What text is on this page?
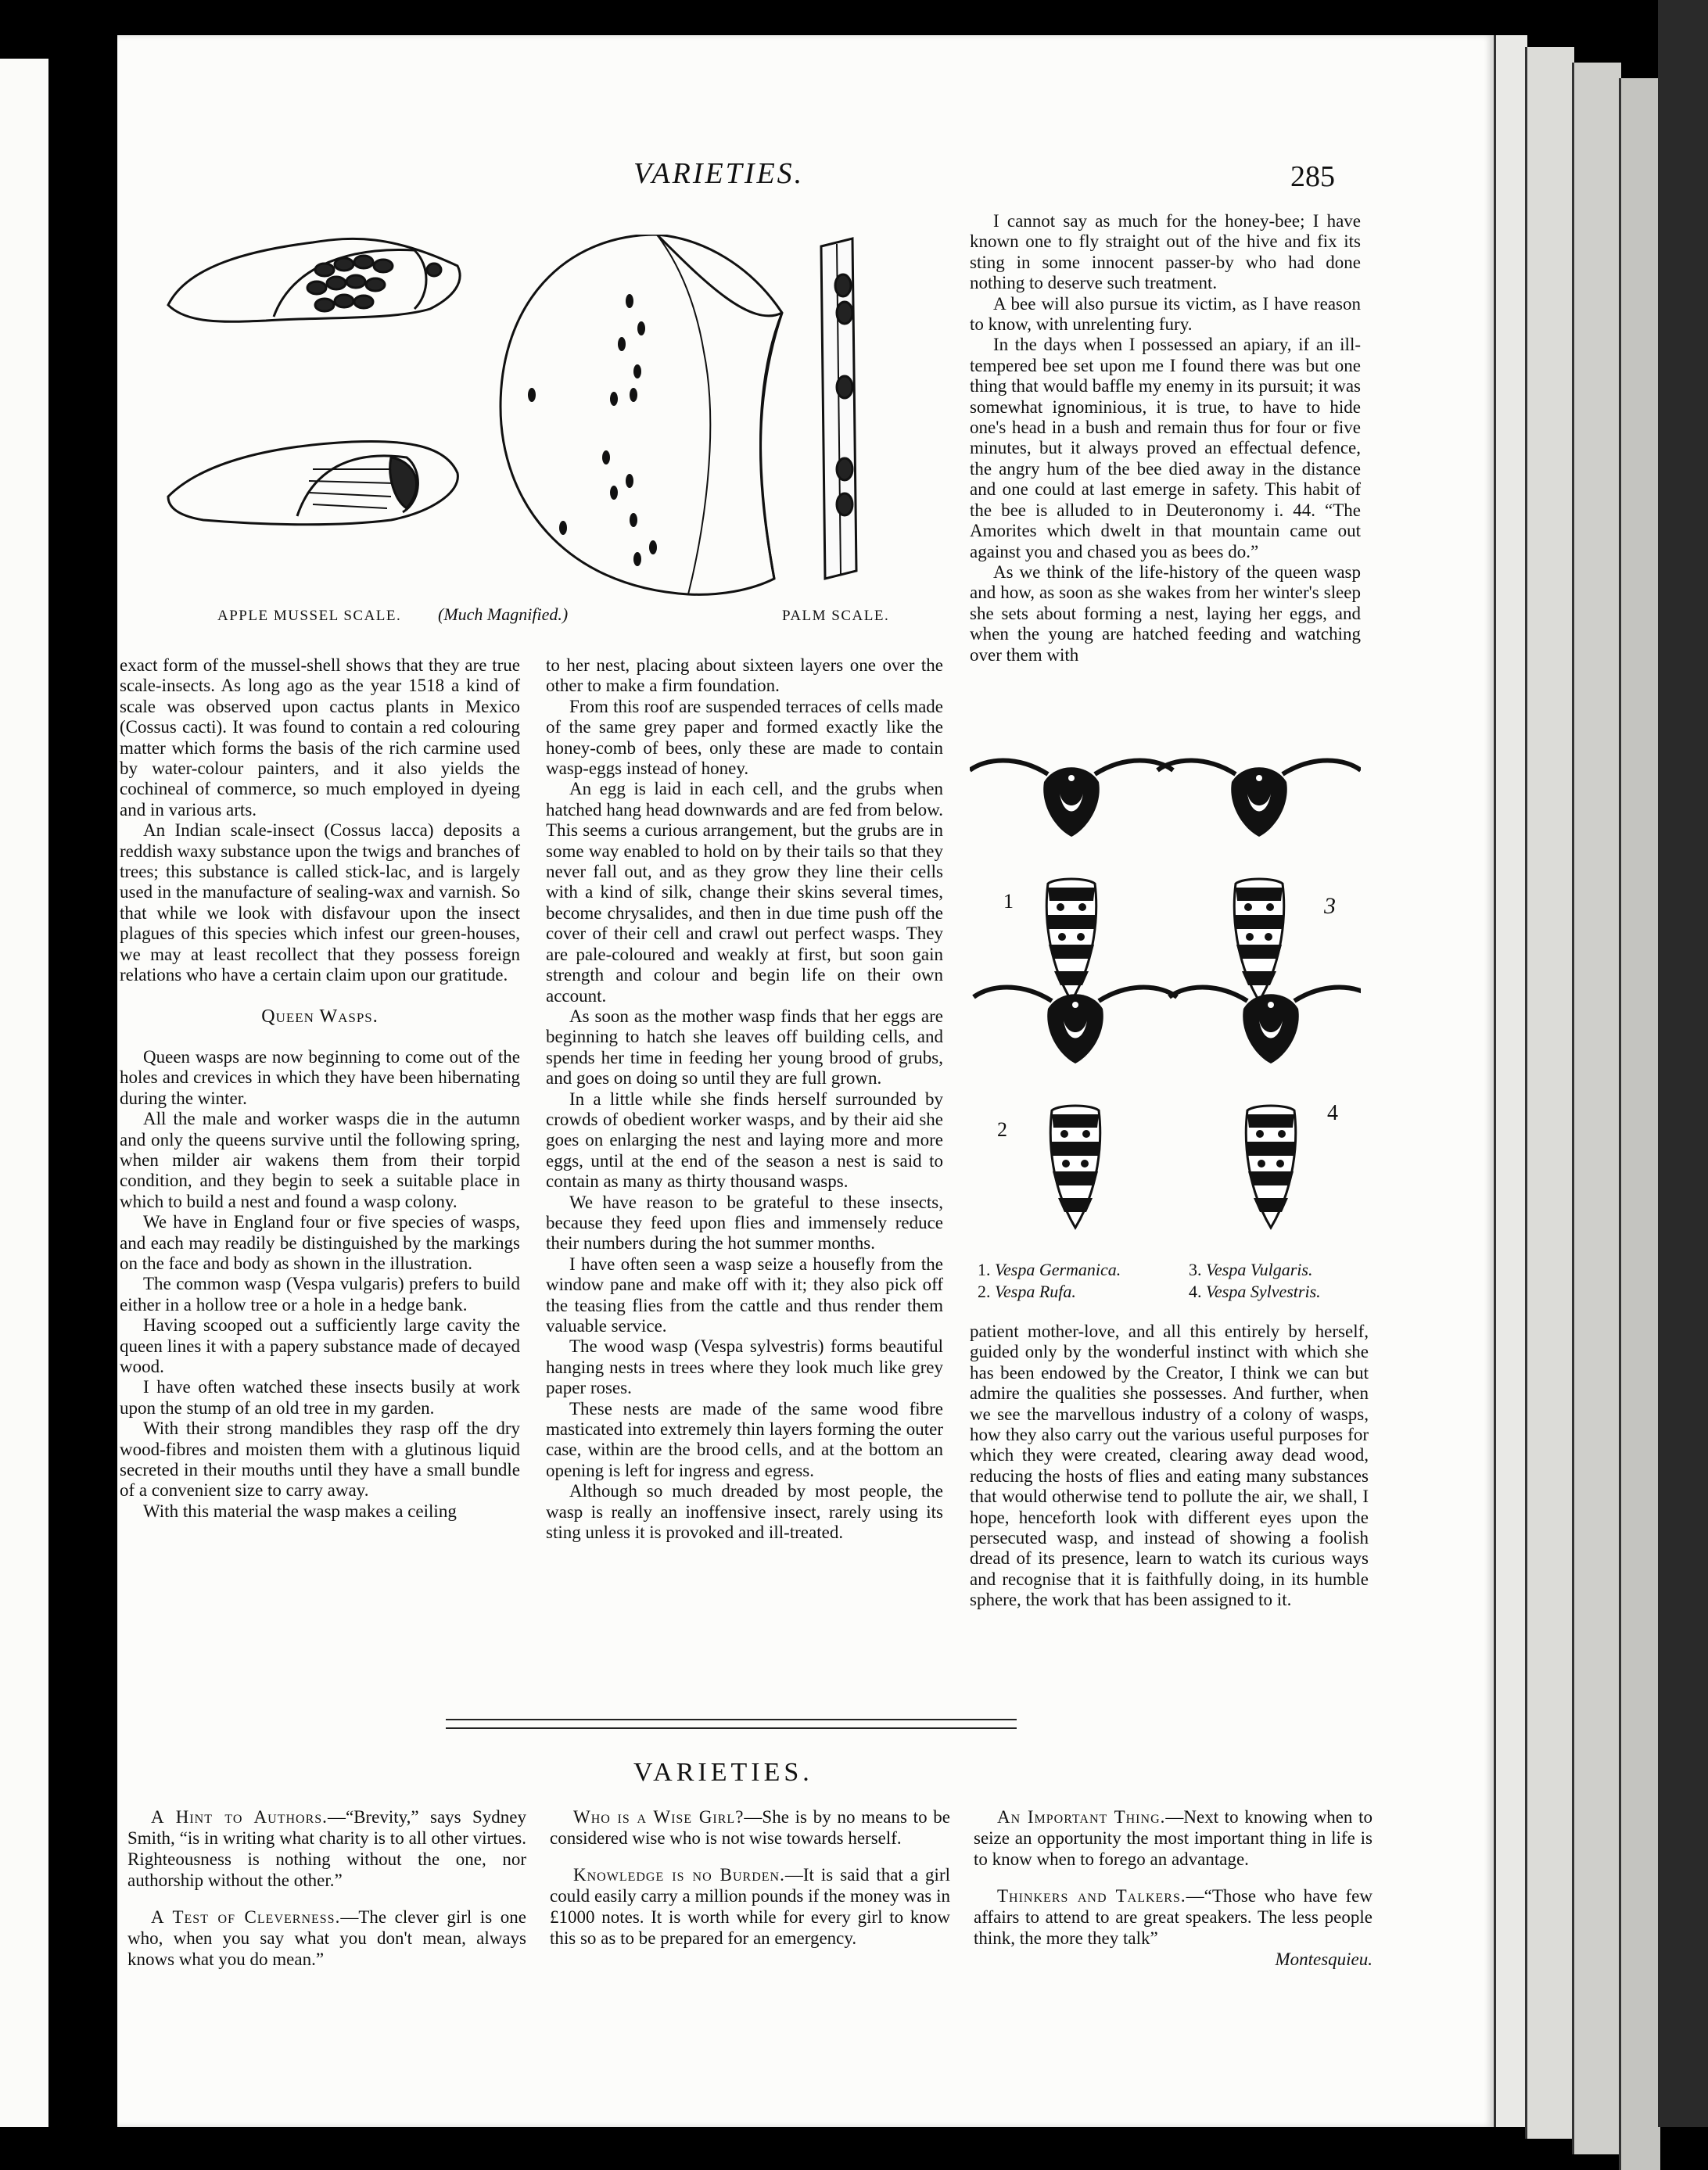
VARIETIES.	285
APPLE MUSSEL SCALE. (Much Magnified.)	PALM SCALE.

exact form of the mussel-shell shows that they are true scale-insects. As long ago as the year 1518 a kind of scale was observed upon cactus plants in Mexico (Cossus cacti). It was found to contain a red colouring matter which forms the basis of the rich carmine used by water-colour painters, and it also yields the cochineal of commerce, so much employed in dyeing and in various arts.

An Indian scale-insect (Cossus lacca) deposits a reddish waxy substance upon the twigs and branches of trees; this substance is called stick-lac, and is largely used in the manufacture of sealing-wax and varnish. So that while we look with disfavour upon the insect plagues of this species which infest our green-houses, we may at least recollect that they possess foreign relations who have a certain claim upon our gratitude.

Queen Wasps.

Queen wasps are now beginning to come out of the holes and crevices in which they have been hibernating during the winter.

All the male and worker wasps die in the autumn and only the queens survive until the following spring, when milder air wakens them from their torpid condition, and they begin to seek a suitable place in which to build a nest and found a wasp colony.

We have in England four or five species of wasps, and each may readily be distinguished by the markings on the face and body as shown in the illustration.

The common wasp (Vespa vulgaris) prefers to build either in a hollow tree or a hole in a hedge bank.

Having scooped out a sufficiently large cavity the queen lines it with a papery substance made of decayed wood.

I have often watched these insects busily at work upon the stump of an old tree in my garden.

With their strong mandibles they rasp off the dry wood-fibres and moisten them with a glutinous liquid secreted in their mouths until they have a small bundle of a convenient size to carry away.

With this material the wasp makes a ceiling

to her nest, placing about sixteen layers one over the other to make a firm foundation.

From this roof are suspended terraces of cells made of the same grey paper and formed exactly like the honey-comb of bees, only these are made to contain wasp-eggs instead of honey.

An egg is laid in each cell, and the grubs when hatched hang head downwards and are fed from below. This seems a curious arrangement, but the grubs are in some way enabled to hold on by their tails so that they never fall out, and as they grow they line their cells with a kind of silk, change their skins several times, become chrysalides, and then in due time push off the cover of their cell and crawl out perfect wasps. They are pale-coloured and weakly at first, but soon gain strength and colour and begin life on their own account.

As soon as the mother wasp finds that her eggs are beginning to hatch she leaves off building cells, and spends her time in feeding her young brood of grubs, and goes on doing so until they are full grown.

In a little while she finds herself surrounded by crowds of obedient worker wasps, and by their aid she goes on enlarging the nest and laying more and more eggs, until at the end of the season a nest is said to contain as many as thirty thousand wasps.

We have reason to be grateful to these insects, because they feed upon flies and immensely reduce their numbers during the hot summer months.

I have often seen a wasp seize a housefly from the window pane and make off with it; they also pick off the teasing flies from the cattle and thus render them valuable service.

The wood wasp (Vespa sylvestris) forms beautiful hanging nests in trees where they look much like grey paper roses.

These nests are made of the same wood fibre masticated into extremely thin layers forming the outer case, within are the brood cells, and at the bottom an opening is left for ingress and egress.

Although so much dreaded by most people, the wasp is really an inoffensive insect, rarely using its sting unless it is provoked and ill-treated.

I cannot say as much for the honey-bee; I have known one to fly straight out of the hive and fix its sting in some innocent passer-by who had done nothing to deserve such treatment.

A bee will also pursue its victim, as I have reason to know, with unrelenting fury.

In the days when I possessed an apiary, if an ill-tempered bee set upon me I found there was but one thing that would baffle my enemy in its pursuit; it was somewhat ignominious, it is true, to have to hide one's head in a bush and remain thus for four or five minutes, but it always proved an effectual defence, the angry hum of the bee died away in the distance and one could at last emerge in safety. This habit of the bee is alluded to in Deuteronomy i. 44. “The Amorites which dwelt in that mountain came out against you and chased you as bees do.”

As we think of the life-history of the queen wasp and how, as soon as she wakes from her winter's sleep she sets about forming a nest, laying her eggs, and when the young are hatched feeding and watching over them with

1
2
3
4
1. Vespa Germanica.	3. Vespa Vulgaris.
2. Vespa Rufa.	4. Vespa Sylvestris.

patient mother-love, and all this entirely by herself, guided only by the wonderful instinct with which she has been endowed by the Creator, I think we can but admire the qualities she possesses. And further, when we see the marvellous industry of a colony of wasps, how they also carry out the various useful purposes for which they were created, clearing away dead wood, reducing the hosts of flies and eating many substances that would otherwise tend to pollute the air, we shall, I hope, henceforth look with different eyes upon the persecuted wasp, and instead of showing a foolish dread of its presence, learn to watch its curious ways and recognise that it is faithfully doing, in its humble sphere, the work that has been assigned to it.

VARIETIES.

A Hint to Authors.—“Brevity,” says Sydney Smith, “is in writing what charity is to all other virtues. Righteousness is nothing without the one, nor authorship without the other.”

A Test of Cleverness.—The clever girl is one who, when you say what you don't mean, always knows what you do mean.”

Who is a Wise Girl?—She is by no means to be considered wise who is not wise towards herself.

Knowledge is no Burden.—It is said that a girl could easily carry a million pounds if the money was in £1000 notes. It is worth while for every girl to know this so as to be prepared for an emergency.

An Important Thing.—Next to knowing when to seize an opportunity the most important thing in life is to know when to forego an advantage.

Thinkers and Talkers.—“Those who have few affairs to attend to are great speakers. The less people think, the more they talk”

Montesquieu.
